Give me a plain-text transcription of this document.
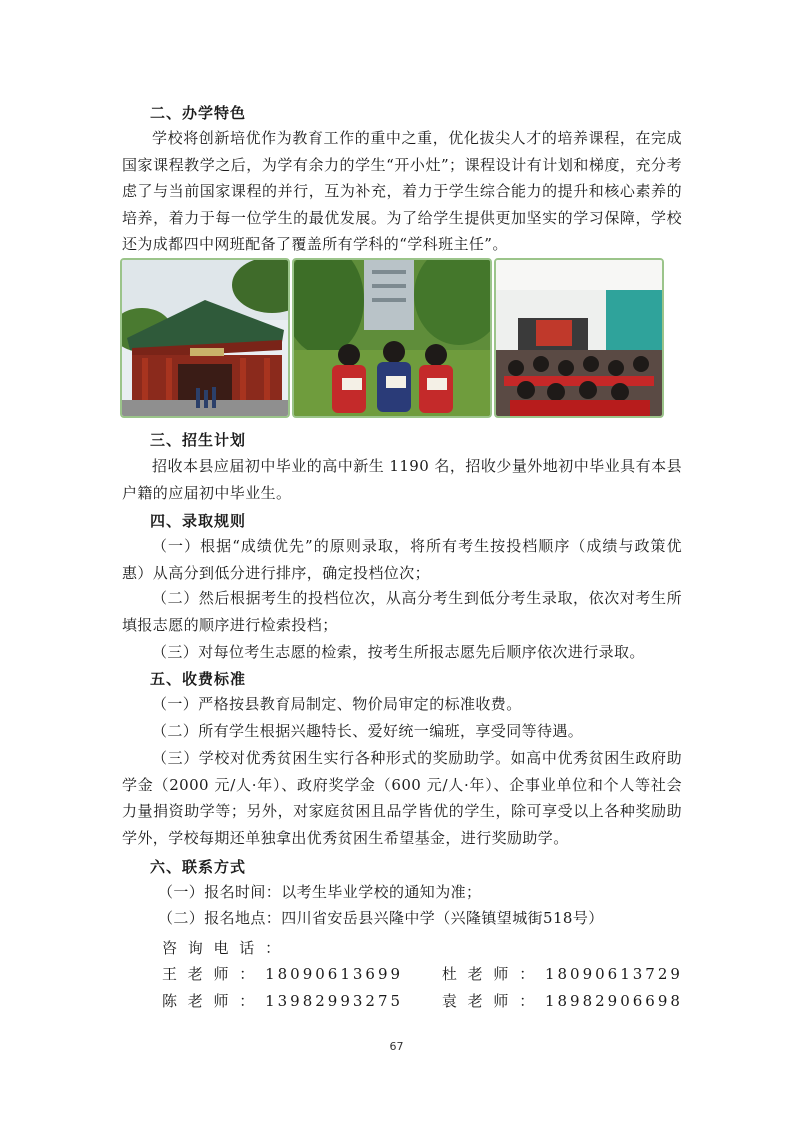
二、办学特色
学校将创新培优作为教育工作的重中之重，优化拔尖人才的培养课程，在完成国家课程教学之后，为学有余力的学生“开小灶”；课程设计有计划和梯度，充分考虑了与当前国家课程的并行，互为补充，着力于学生综合能力的提升和核心素养的培养，着力于每一位学生的最优发展。为了给学生提供更加坚实的学习保障，学校还为成都四中网班配备了覆盖所有学科的“学科班主任”。
三、招生计划
招收本县应届初中毕业的高中新生 1190 名，招收少量外地初中毕业具有本县户籍的应届初中毕业生。
四、录取规则
（一）根据“成绩优先”的原则录取，将所有考生按投档顺序（成绩与政策优惠）从高分到低分进行排序，确定投档位次；
（二）然后根据考生的投档位次，从高分考生到低分考生录取，依次对考生所填报志愿的顺序进行检索投档；
（三）对每位考生志愿的检索，按考生所报志愿先后顺序依次进行录取。
五、收费标准
（一）严格按县教育局制定、物价局审定的标准收费。
（二）所有学生根据兴趣特长、爱好统一编班，享受同等待遇。
（三）学校对优秀贫困生实行各种形式的奖励助学。如高中优秀贫困生政府助学金（2000 元/人·年）、政府奖学金（600 元/人·年）、企事业单位和个人等社会力量捐资助学等；另外，对家庭贫困且品学皆优的学生，除可享受以上各种奖励助学外，学校每期还单独拿出优秀贫困生希望基金，进行奖励助学。
六、联系方式
（一）报名时间：以考生毕业学校的通知为准；
（二）报名地点：四川省安岳县兴隆中学（兴隆镇望城街518号）
咨 询 电 话 ：
王 老 师 ： 18090613699     杜 老 师 ： 18090613729
陈 老 师 ： 13982993275     袁 老 师 ： 18982906698
67
